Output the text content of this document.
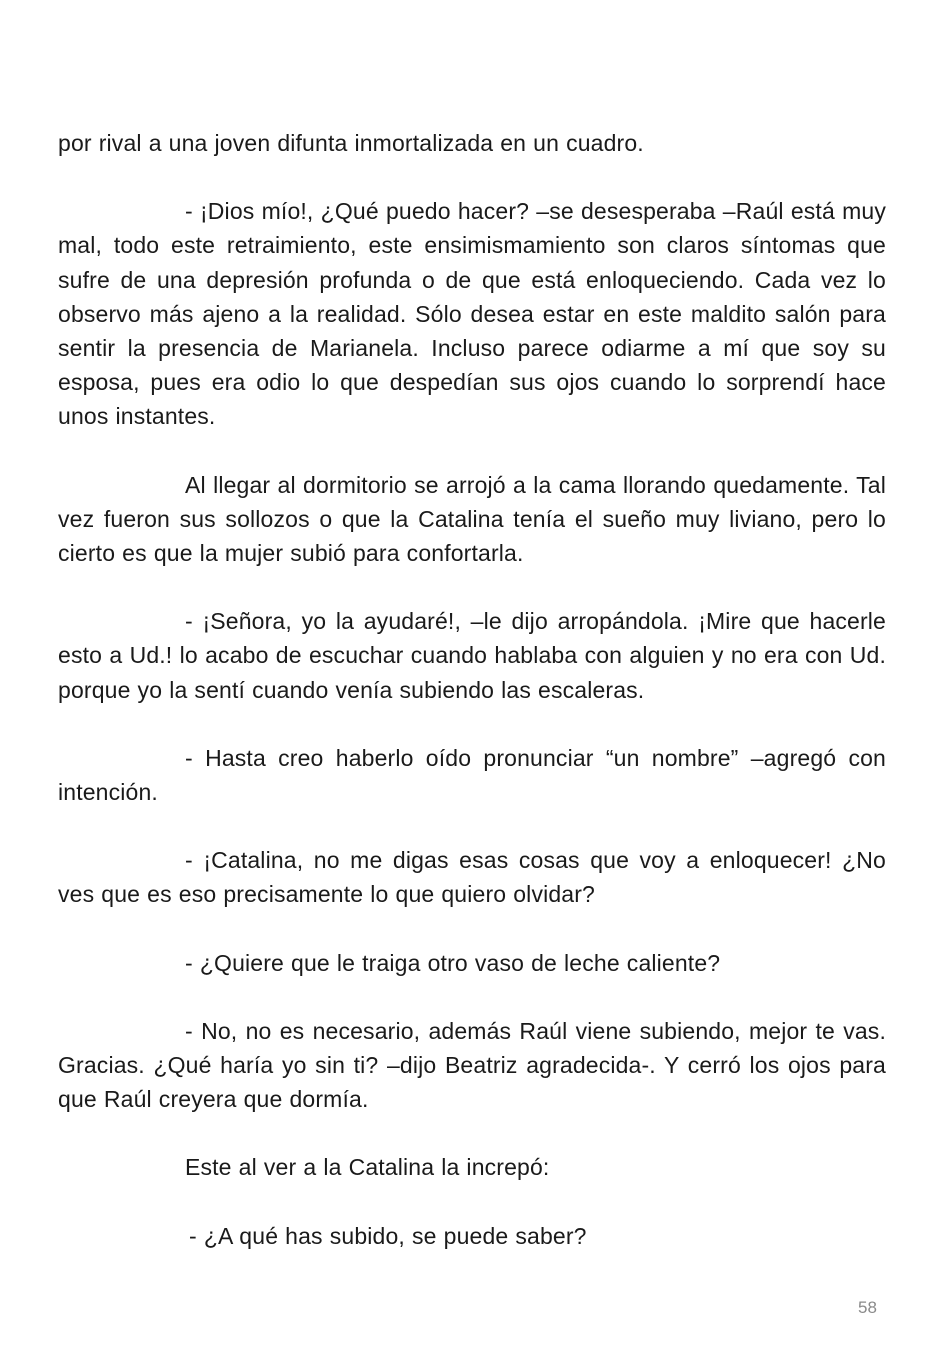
por rival a una joven difunta inmortalizada en un cuadro.

- ¡Dios mío!, ¿Qué puedo hacer? –se desesperaba –Raúl está muy mal, todo este retraimiento, este ensimismamiento son claros síntomas que sufre de una depresión profunda o de que está enloqueciendo. Cada vez lo observo más ajeno a la realidad. Sólo desea estar en este maldito salón para sentir la presencia de Marianela. Incluso parece odiarme a mí que soy su esposa, pues era odio lo que despedían sus ojos cuando lo sorprendí hace unos instantes.

Al llegar al dormitorio se arrojó a la cama llorando quedamente. Tal vez fueron sus sollozos o que la Catalina tenía el sueño muy liviano, pero lo cierto es que la mujer subió para confortarla.

- ¡Señora, yo la ayudaré!, –le dijo arropándola. ¡Mire que hacerle esto a Ud.! lo acabo de escuchar cuando hablaba con alguien y no era con Ud. porque yo la sentí cuando venía subiendo las escaleras.

- Hasta creo haberlo oído pronunciar “un nombre” –agregó con intención.

- ¡Catalina, no me digas esas cosas que voy a enloquecer! ¿No ves que es eso precisamente lo que quiero olvidar?

- ¿Quiere que le traiga otro vaso de leche caliente?

- No, no es necesario, además Raúl viene subiendo, mejor te vas. Gracias. ¿Qué haría yo sin ti? –dijo Beatriz agradecida-. Y cerró los ojos para que Raúl creyera que dormía.

Este al ver a la Catalina la increpó:

- ¿A qué has subido, se puede saber?

58
